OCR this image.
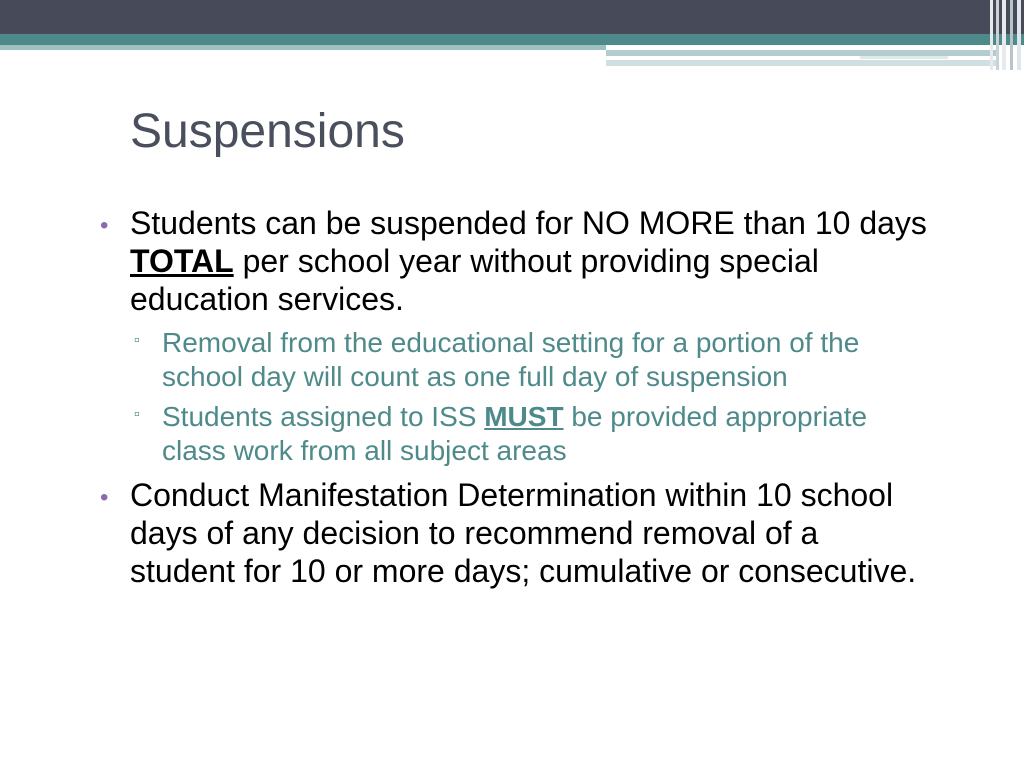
Suspensions
• Students can be suspended for NO MORE than 10 days TOTAL per school year without providing special education services.
▫ Removal from the educational setting for a portion of the school day will count as one full day of suspension
▫ Students assigned to ISS MUST be provided appropriate class work from all subject areas
• Conduct Manifestation Determination within 10 school days of any decision to recommend removal of a student for 10 or more days; cumulative or consecutive.
